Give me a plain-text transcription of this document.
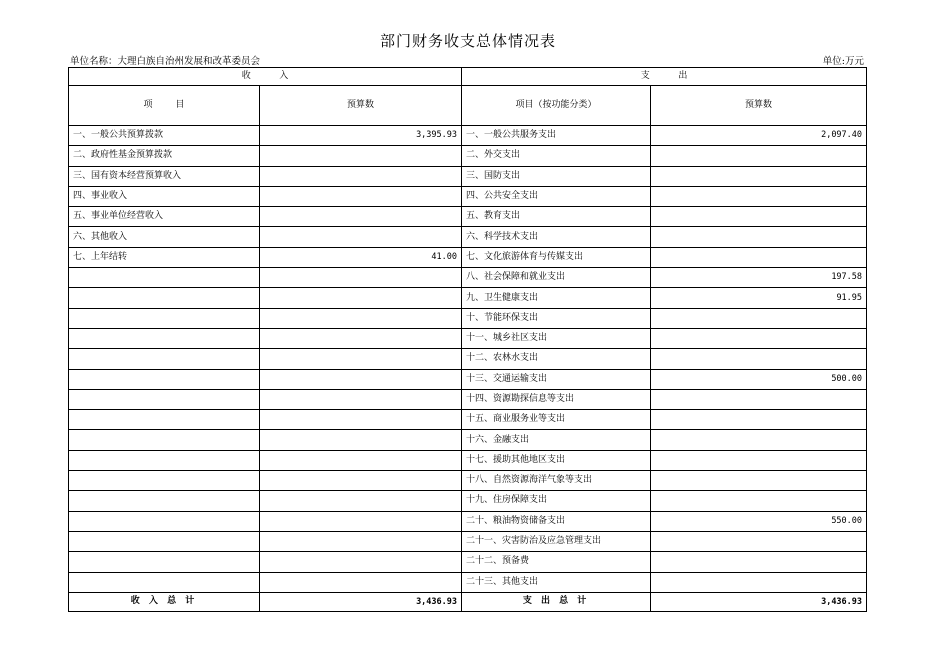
部门财务收支总体情况表
单位名称：大理白族自治州发展和改革委员会	单位:万元
收          入		支          出	
项        目	预算数	项目（按功能分类）	预算数
一、一般公共预算拨款	3,395.93	一、一般公共服务支出	2,097.40
二、政府性基金预算拨款		二、外交支出	
三、国有资本经营预算收入		三、国防支出	
四、事业收入		四、公共安全支出	
五、事业单位经营收入		五、教育支出	
六、其他收入		六、科学技术支出	
七、上年结转	41.00	七、文化旅游体育与传媒支出	
		八、社会保障和就业支出	197.58
		九、卫生健康支出	91.95
		十、节能环保支出	
		十一、城乡社区支出	
		十二、农林水支出	
		十三、交通运输支出	500.00
		十四、资源勘探信息等支出	
		十五、商业服务业等支出	
		十六、金融支出	
		十七、援助其他地区支出	
		十八、自然资源海洋气象等支出	
		十九、住房保障支出	
		二十、粮油物资储备支出	550.00
		二十一、灾害防治及应急管理支出	
		二十二、预备费	
		二十三、其他支出	
收 入 总 计	3,436.93	支 出 总 计	3,436.93
